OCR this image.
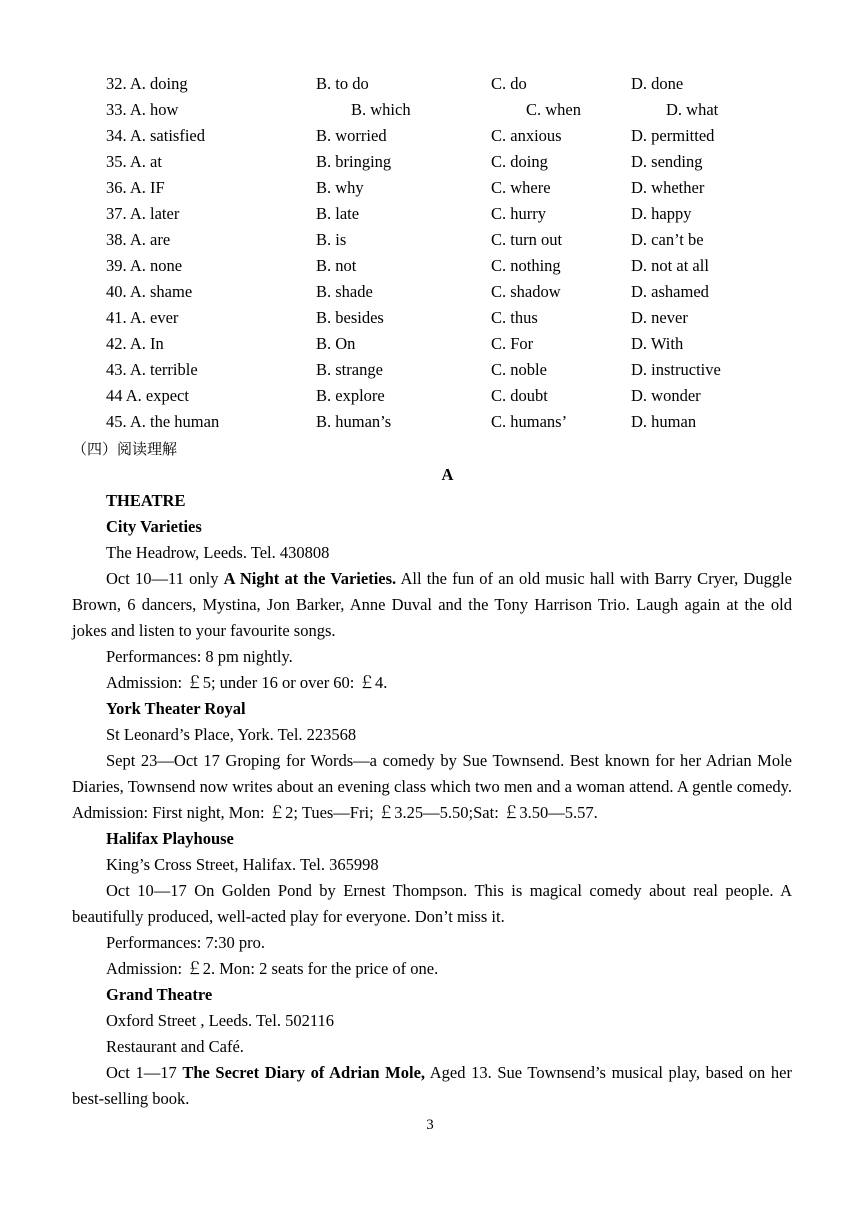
32. A. doing	B. to do	C. do	D. done
33. A. how	B. which	C. when	D. what
34. A. satisfied	B. worried	C. anxious	D. permitted
35. A. at	B. bringing	C. doing	D. sending
36. A. IF	B. why	C. where	D. whether
37. A. later	B. late	C. hurry	D. happy
38. A. are	B. is	C. turn out	D. can’t be
39. A. none	B. not	C. nothing	D. not at all
40. A. shame	B. shade	C. shadow	D. ashamed
41. A. ever	B. besides	C. thus	D. never
42. A. In	B. On	C. For	D. With
43. A. terrible	B. strange	C. noble	D. instructive
44 A. expect	B. explore	C. doubt	D. wonder
45. A. the human	B. human’s	C. humans’	D. human
（四）阅读理解
A

THEATRE

City Varieties

The Headrow, Leeds. Tel. 430808

Oct 10—11 only A Night at the Varieties. All the fun of an old music hall with Barry Cryer, Duggle Brown, 6 dancers, Mystina, Jon Barker, Anne Duval and the Tony Harrison Trio. Laugh again at the old jokes and listen to your favourite songs.

Performances: 8 pm nightly.

Admission: ￡5; under 16 or over 60: ￡4.

York Theater Royal

St Leonard’s Place, York. Tel. 223568

Sept 23—Oct 17 Groping for Words—a comedy by Sue Townsend. Best known for her Adrian Mole Diaries, Townsend now writes about an evening class which two men and a woman attend. A gentle comedy. Admission: First night, Mon: ￡2; Tues—Fri; ￡3.25—5.50;Sat: ￡3.50—5.57.

Halifax Playhouse

King’s Cross Street, Halifax. Tel. 365998

Oct 10—17 On Golden Pond by Ernest Thompson. This is magical comedy about real people. A beautifully produced, well-acted play for everyone. Don’t miss it.

Performances: 7:30 pro.

Admission: ￡2. Mon: 2 seats for the price of one.

Grand Theatre

Oxford Street , Leeds. Tel. 502116

Restaurant and Café.

Oct 1—17 The Secret Diary of Adrian Mole, Aged 13. Sue Townsend’s musical play, based on her best-selling book.

3
